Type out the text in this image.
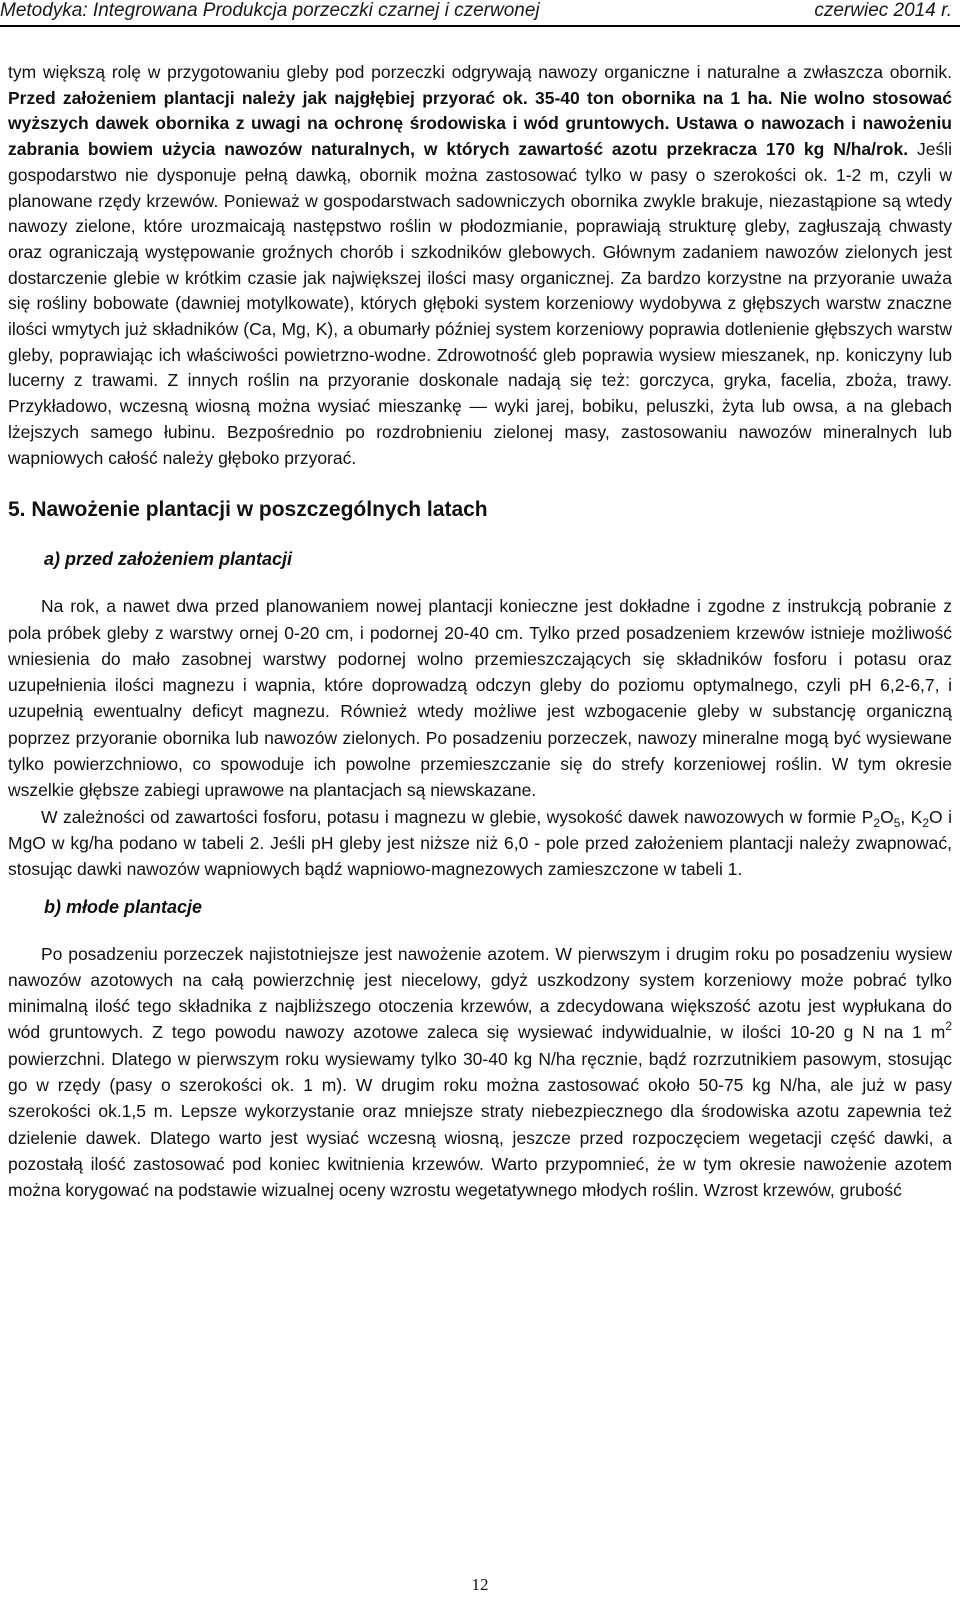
Metodyka: Integrowana Produkcja porzeczki czarnej i czerwonej	czerwiec 2014 r.

tym większą rolę w przygotowaniu gleby pod porzeczki odgrywają nawozy organiczne i naturalne a zwłaszcza obornik. Przed założeniem plantacji należy jak najgłębiej przyorać ok. 35-40 ton obornika na 1 ha. Nie wolno stosować wyższych dawek obornika z uwagi na ochronę środowiska i wód gruntowych. Ustawa o nawozach i nawożeniu zabrania bowiem użycia nawozów naturalnych, w których zawartość azotu przekracza 170 kg N/ha/rok. Jeśli gospodarstwo nie dysponuje pełną dawką, obornik można zastosować tylko w pasy o szerokości ok. 1-2 m, czyli w planowane rzędy krzewów. Ponieważ w gospodarstwach sadowniczych obornika zwykle brakuje, niezastąpione są wtedy nawozy zielone, które urozmaicają następstwo roślin w płodozmianie, poprawiają strukturę gleby, zagłuszają chwasty oraz ograniczają występowanie groźnych chorób i szkodników glebowych. Głównym zadaniem nawozów zielonych jest dostarczenie glebie w krótkim czasie jak największej ilości masy organicznej. Za bardzo korzystne na przyoranie uważa się rośliny bobowate (dawniej motylkowate), których głęboki system korzeniowy wydobywa z głębszych warstw znaczne ilości wmytych już składników (Ca, Mg, K), a obumarły później system korzeniowy poprawia dotlenienie głębszych warstw gleby, poprawiając ich właściwości powietrzno-wodne. Zdrowotność gleb poprawia wysiew mieszanek, np. koniczyny lub lucerny z trawami. Z innych roślin na przyoranie doskonale nadają się też: gorczyca, gryka, facelia, zboża, trawy. Przykładowo, wczesną wiosną można wysiać mieszankę — wyki jarej, bobiku, peluszki, żyta lub owsa, a na glebach lżejszych samego łubinu. Bezpośrednio po rozdrobnieniu zielonej masy, zastosowaniu nawozów mineralnych lub wapniowych całość należy głęboko przyorać.

5. Nawożenie plantacji w poszczególnych latach
a) przed założeniem plantacji

Na rok, a nawet dwa przed planowaniem nowej plantacji konieczne jest dokładne i zgodne z instrukcją pobranie z pola próbek gleby z warstwy ornej 0-20 cm, i podornej 20-40 cm. Tylko przed posadzeniem krzewów istnieje możliwość wniesienia do mało zasobnej warstwy podornej wolno przemieszczających się składników fosforu i potasu oraz uzupełnienia ilości magnezu i wapnia, które doprowadzą odczyn gleby do poziomu optymalnego, czyli pH 6,2-6,7, i uzupełnią ewentualny deficyt magnezu. Również wtedy możliwe jest wzbogacenie gleby w substancję organiczną poprzez przyoranie obornika lub nawozów zielonych. Po posadzeniu porzeczek, nawozy mineralne mogą być wysiewane tylko powierzchniowo, co spowoduje ich powolne przemieszczanie się do strefy korzeniowej roślin. W tym okresie wszelkie głębsze zabiegi uprawowe na plantacjach są niewskazane.

W zależności od zawartości fosforu, potasu i magnezu w glebie, wysokość dawek nawozowych w formie $P_2O_5$, $K_2O$ i MgO w kg/ha podano w tabeli 2. Jeśli pH gleby jest niższe niż 6,0 - pole przed założeniem plantacji należy zwapnować, stosując dawki nawozów wapniowych bądź wapniowo-magnezowych zamieszczone w tabeli 1.

b) młode plantacje

Po posadzeniu porzeczek najistotniejsze jest nawożenie azotem. W pierwszym i drugim roku po posadzeniu wysiew nawozów azotowych na całą powierzchnię jest niecelowy, gdyż uszkodzony system korzeniowy może pobrać tylko minimalną ilość tego składnika z najbliższego otoczenia krzewów, a zdecydowana większość azotu jest wypłukana do wód gruntowych. Z tego powodu nawozy azotowe zaleca się wysiewać indywidualnie, w ilości 10-20 g N na 1 $m^2$ powierzchni. Dlatego w pierwszym roku wysiewamy tylko 30-40 kg N/ha ręcznie, bądź rozrzutnikiem pasowym, stosując go w rzędy (pasy o szerokości ok. 1 m). W drugim roku można zastosować około 50-75 kg N/ha, ale już w pasy szerokości ok.1,5 m. Lepsze wykorzystanie oraz mniejsze straty niebezpiecznego dla środowiska azotu zapewnia też dzielenie dawek. Dlatego warto jest wysiać wczesną wiosną, jeszcze przed rozpoczęciem wegetacji część dawki, a pozostałą ilość zastosować pod koniec kwitnienia krzewów. Warto przypomnieć, że w tym okresie nawożenie azotem można korygować na podstawie wizualnej oceny wzrostu wegetatywnego młodych roślin. Wzrost krzewów, grubość

12
